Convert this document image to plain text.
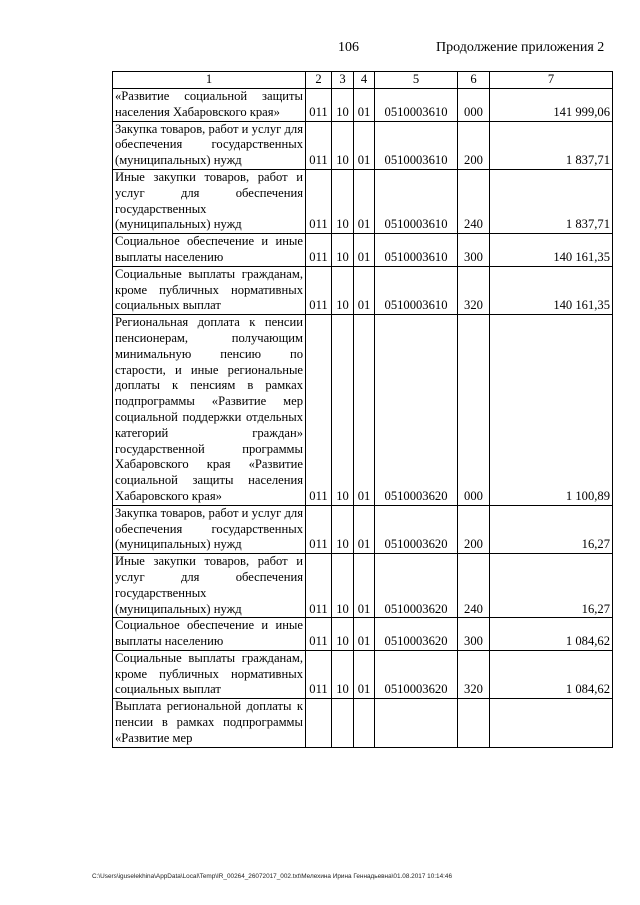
106	Продолжение приложения 2
1	2	3	4	5	6	7
«Развитие социальной защиты населения Хабаровского края»	011	10	01	0510003610	000	141 999,06
Закупка товаров, работ и услуг для обеспечения государственных (муниципальных) нужд	011	10	01	0510003610	200	1 837,71
Иные закупки товаров, работ и услуг для обеспечения государственных (муниципальных) нужд	011	10	01	0510003610	240	1 837,71
Социальное обеспечение и иные выплаты населению	011	10	01	0510003610	300	140 161,35
Социальные выплаты гражданам, кроме публичных нормативных социальных выплат	011	10	01	0510003610	320	140 161,35
Региональная доплата к пенсии пенсионерам, получающим минимальную пенсию по старости, и иные региональные доплаты к пенсиям в рамках подпрограммы «Развитие мер социальной поддержки отдельных категорий граждан» государственной программы Хабаровского края «Развитие социальной защиты населения Хабаровского края»	011	10	01	0510003620	000	1 100,89
Закупка товаров, работ и услуг для обеспечения государственных (муниципальных) нужд	011	10	01	0510003620	200	16,27
Иные закупки товаров, работ и услуг для обеспечения государственных (муниципальных) нужд	011	10	01	0510003620	240	16,27
Социальное обеспечение и иные выплаты населению	011	10	01	0510003620	300	1 084,62
Социальные выплаты гражданам, кроме публичных нормативных социальных выплат	011	10	01	0510003620	320	1 084,62
Выплата региональной доплаты к пенсии в рамках подпрограммы «Развитие мер						
C:\Users\iguselekhina\AppData\Local\Temp\IR_00264_26072017_002.txt\Мелехина Ирина Геннадьевна\01.08.2017 10:14:46
